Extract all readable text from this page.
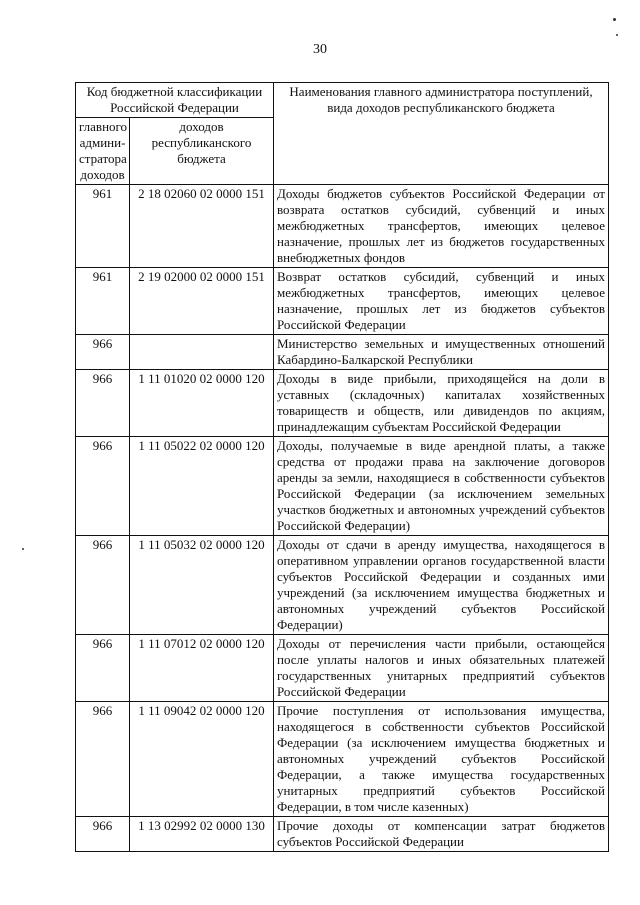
30
Код бюджетной классификации Российской Федерации		Наименования главного администратора поступлений, вида доходов республиканского бюджета
главного админи-стратора доходов	доходов республиканского бюджета	
961	2 18 02060 02 0000 151	Доходы бюджетов субъектов Российской Федерации от возврата остатков субсидий, субвенций и иных межбюджетных трансфертов, имеющих целевое назначение, прошлых лет из бюджетов государственных внебюджетных фондов
961	2 19 02000 02 0000 151	Возврат остатков субсидий, субвенций и иных межбюджетных трансфертов, имеющих целевое назначение, прошлых лет из бюджетов субъектов Российской Федерации
966		Министерство земельных и имущественных отношений Кабардино-Балкарской Республики
966	1 11 01020 02 0000 120	Доходы в виде прибыли, приходящейся на доли в уставных (складочных) капиталах хозяйственных товариществ и обществ, или дивидендов по акциям, принадлежащим субъектам Российской Федерации
966	1 11 05022 02 0000 120	Доходы, получаемые в виде арендной платы, а также средства от продажи права на заключение договоров аренды за земли, находящиеся в собственности субъектов Российской Федерации (за исключением земельных участков бюджетных и автономных учреждений субъектов Российской Федерации)
966	1 11 05032 02 0000 120	Доходы от сдачи в аренду имущества, находящегося в оперативном управлении органов государственной власти субъектов Российской Федерации и созданных ими учреждений (за исключением имущества бюджетных и автономных учреждений субъектов Российской Федерации)
966	1 11 07012 02 0000 120	Доходы от перечисления части прибыли, остающейся после уплаты налогов и иных обязательных платежей государственных унитарных предприятий субъектов Российской Федерации
966	1 11 09042 02 0000 120	Прочие поступления от использования имущества, находящегося в собственности субъектов Российской Федерации (за исключением имущества бюджетных и автономных учреждений субъектов Российской Федерации, а также имущества государственных унитарных предприятий субъектов Российской Федерации, в том числе казенных)
966	1 13 02992 02 0000 130	Прочие доходы от компенсации затрат бюджетов субъектов Российской Федерации
